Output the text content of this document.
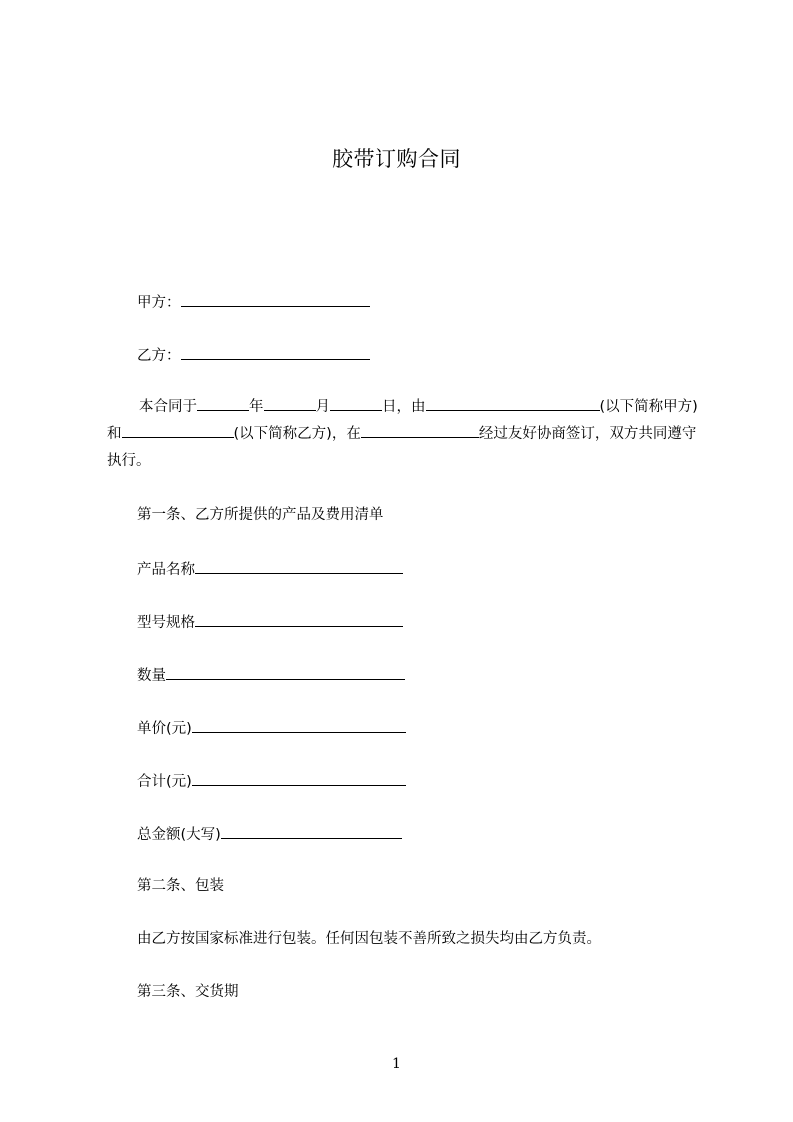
胶带订购合同
甲方：
乙方：
本合同于	年	月	日，由	(以下简称甲方)和	(以下简称乙方)，在	经过友好协商签订，双方共同遵守执行。
第一条、乙方所提供的产品及费用清单
产品名称
型号规格
数量
单价(元)
合计(元)
总金额(大写)
第二条、包装
由乙方按国家标准进行包装。任何因包装不善所致之损失均由乙方负责。
第三条、交货期
1
